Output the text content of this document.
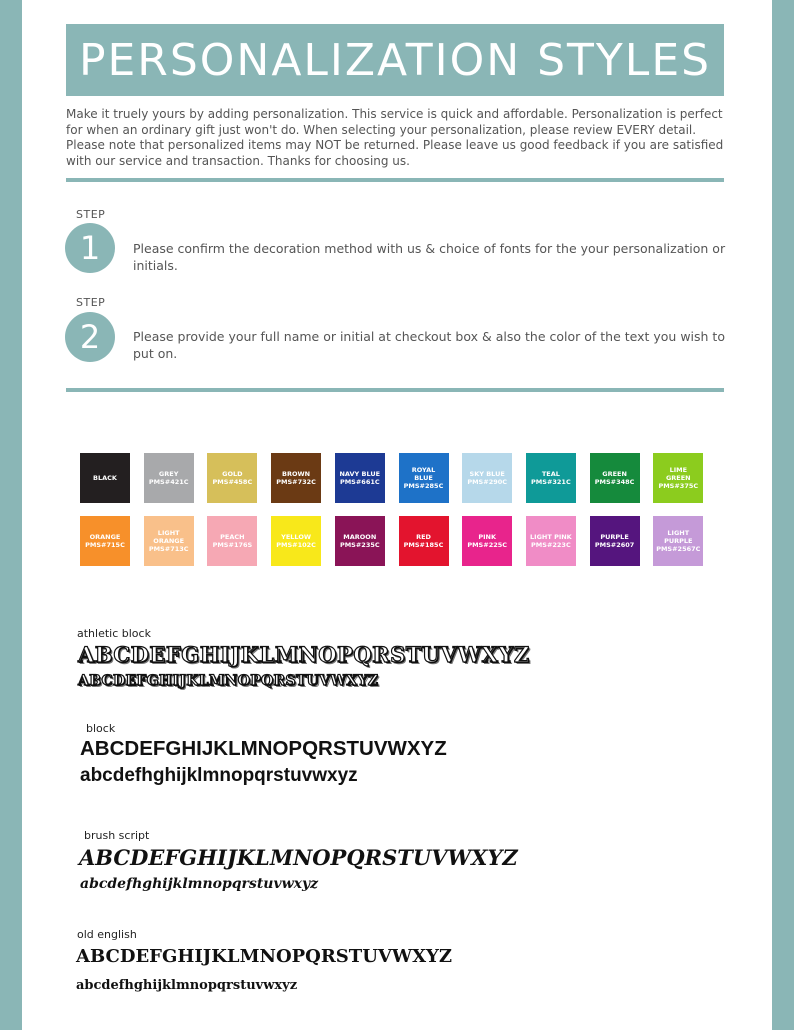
PERSONALIZATION STYLES
Make it truely yours by adding personalization. This service is quick and affordable. Personalization is perfect for when an ordinary gift just won't do. When selecting your personalization, please review EVERY detail. Please note that personalized items may NOT be returned. Please leave us good feedback if you are satisfied with our service and transaction. Thanks for choosing us.
STEP
1	Please confirm the decoration method with us & choice of fonts for the your personalization or initials.
STEP
2	Please provide your full name or initial at checkout box & also the color of the text you wish to put on.
athletic block
ABCDEFGHIJKLMNOPQRSTUVWXYZ
ABCDEFGHIJKLMNOPQRSTUVWXYZ
block
ABCDEFGHIJKLMNOPQRSTUVWXYZ
abcdefhghijklmnopqrstuvwxyz
brush script
ABCDEFGHIJKLMNOPQRSTUVWXYZ
abcdefhghijklmnopqrstuvwxyz
old english
ABCDEFGHIJKLMNOPQRSTUVWXYZ
abcdefhghijklmnopqrstuvwxyz
BLACK	GREY
PMS#421C
GOLD
PMS#458C
BROWN
PMS#732C
NAVY BLUE
PMS#661C
ROYAL BLUE
PMS#285C
SKY BLUE
PMS#290C
TEAL
PMS#321C
GREEN
PMS#348C
LIME GREEN
PMS#375C
ORANGE
PMS#715C
LIGHT ORANGE
PMS#713C
PEACH
PMS#176S
YELLOW
PMS#102C
MAROON
PMS#235C
RED
PMS#185C
PINK
PMS#225C
LIGHT PINK
PMS#223C
PURPLE
PMS#2607
LIGHT PURPLE
PMS#2567C
